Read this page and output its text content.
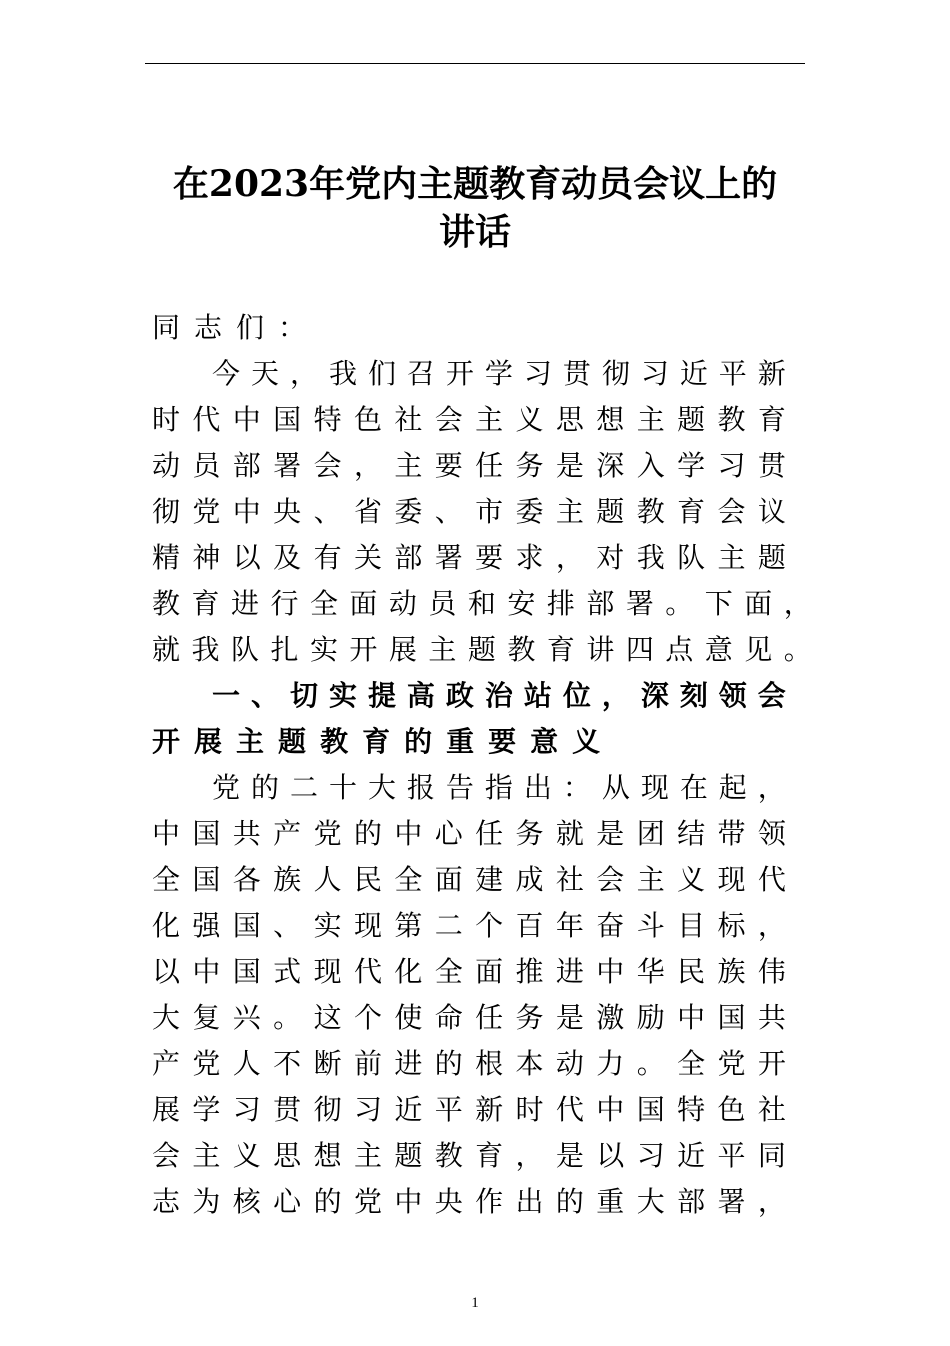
在2023年党内主题教育动员会议上的
讲话
同 志 们 ：
今 天 ， 我 们 召 开 学 习 贯 彻 习 近 平 新
时 代 中 国 特 色 社 会 主 义 思 想 主 题 教 育
动 员 部 署 会 ， 主 要 任 务 是 深 入 学 习 贯
彻 党 中 央 、 省 委 、 市 委 主 题 教 育 会 议
精 神 以 及 有 关 部 署 要 求 ， 对 我 队 主 题
教 育 进 行 全 面 动 员 和 安 排 部 署 。 下 面 ，
就 我 队 扎 实 开 展 主 题 教 育 讲 四 点 意 见 。
一 、 切 实 提 高 政 治 站 位 ， 深 刻 领 会
开 展 主 题 教 育 的 重 要 意 义
党 的 二 十 大 报 告 指 出 ： 从 现 在 起 ，
中 国 共 产 党 的 中 心 任 务 就 是 团 结 带 领
全 国 各 族 人 民 全 面 建 成 社 会 主 义 现 代
化 强 国 、 实 现 第 二 个 百 年 奋 斗 目 标 ，
以 中 国 式 现 代 化 全 面 推 进 中 华 民 族 伟
大 复 兴 。 这 个 使 命 任 务 是 激 励 中 国 共
产 党 人 不 断 前 进 的 根 本 动 力 。 全 党 开
展 学 习 贯 彻 习 近 平 新 时 代 中 国 特 色 社
会 主 义 思 想 主 题 教 育 ， 是 以 习 近 平 同
志 为 核 心 的 党 中 央 作 出 的 重 大 部 署 ，
1
